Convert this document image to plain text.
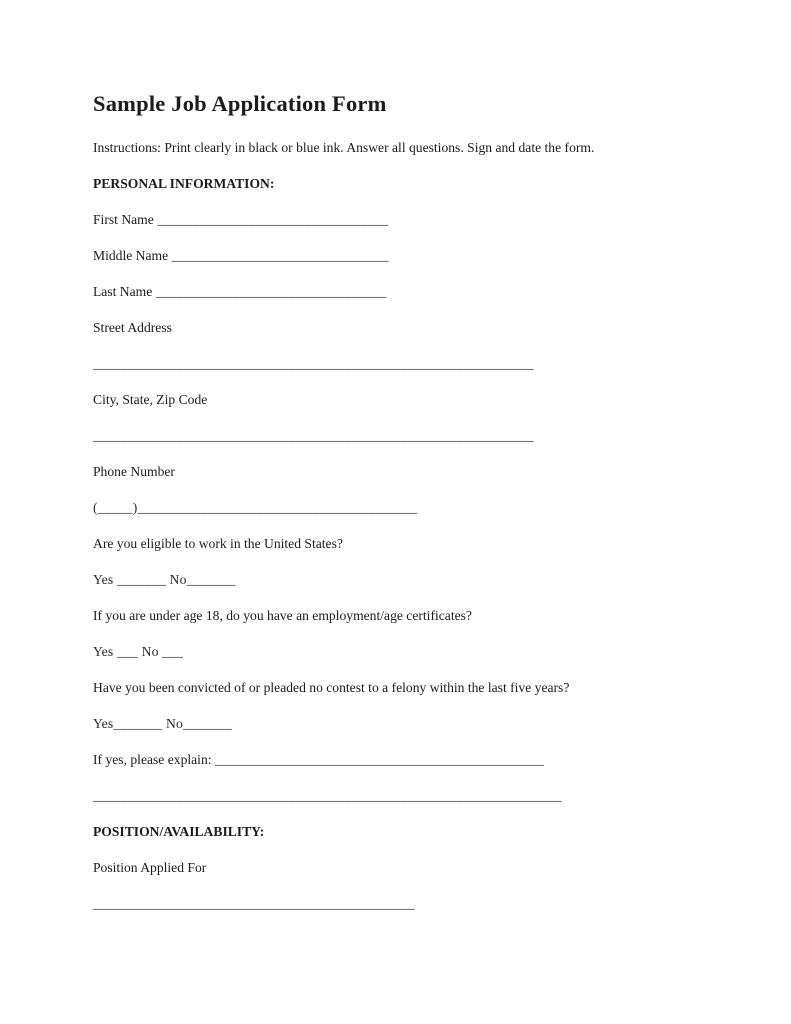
Sample Job Application Form

Instructions: Print clearly in black or blue ink. Answer all questions. Sign and date the form.

PERSONAL INFORMATION:

First Name _________________________________

Middle Name _______________________________

Last Name _________________________________

Street Address

_______________________________________________________________

City, State, Zip Code

_______________________________________________________________

Phone Number

(_____)________________________________________

Are you eligible to work in the United States?

Yes _______ No_______

If you are under age 18, do you have an employment/age certificates?

Yes ___ No ___

Have you been convicted of or pleaded no contest to a felony within the last five years?

Yes_______ No_______

If yes, please explain: _______________________________________________

___________________________________________________________________

POSITION/AVAILABILITY:

Position Applied For

______________________________________________
